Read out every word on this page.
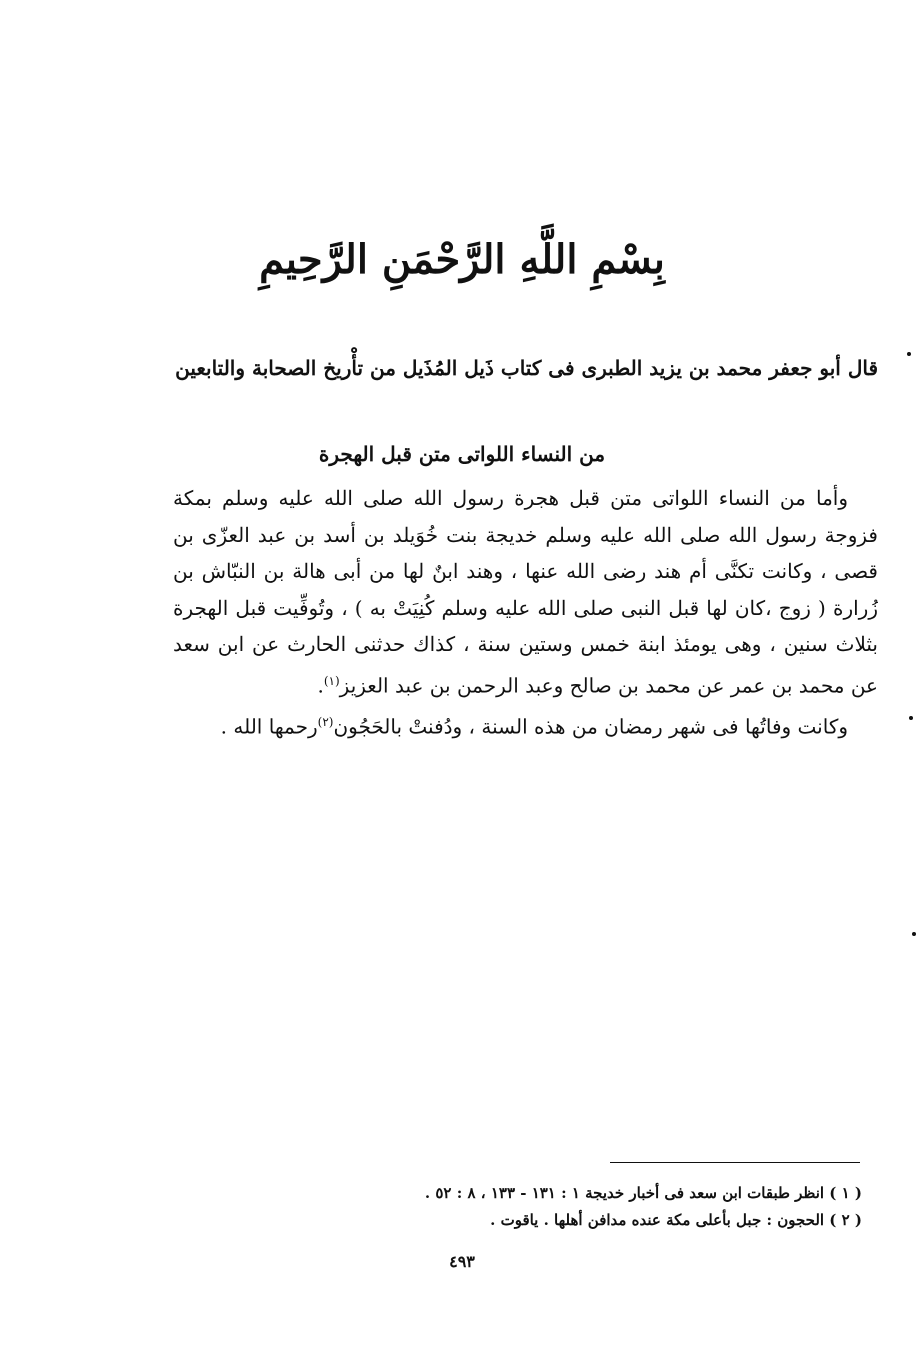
بِسْمِ اللَّهِ الرَّحْمَنِ الرَّحِيمِ
قال أبو جعفر محمد بن يزيد الطبرى فى كتاب ذَيل المُذَيل من تأْريخ الصحابة والتابعين
من النساء اللواتى متن قبل الهجرة

وأما من النساء اللواتى متن قبل هجرة رسول الله صلى الله عليه وسلم بمكة فزوجة رسول الله صلى الله عليه وسلم خديجة بنت خُوَيلد بن أسد بن عبد العزّى بن قصى ، وكانت تكنَّى أم هند رضى الله عنها ، وهند ابنٌ لها من أبى هالة بن النبّاش بن زُرارة ( زوج ،كان لها قبل النبى صلى الله عليه وسلم كُنِيَتْ به ) ، وتُوفِّيت قبل الهجرة بثلاث سنين ، وهى يومئذ ابنة خمس وستين سنة ، كذاك حدثنى الحارث عن ابن سعد عن محمد بن عمر عن محمد بن صالح وعبد الرحمن بن عبد العزيز$^{(١)}$.

وكانت وفاتُها فى شهر رمضان من هذه السنة ، ودُفنتْ بالحَجُون$^{(٢)}$رحمها الله .

( ١ ) انظر طبقات ابن سعد فى أخبار خديجة ١ : ١٣١ - ١٣٣ ، ٨ : ٥٢ .
( ٢ ) الحجون : جبل بأعلى مكة عنده مدافن أهلها . ياقوت .
٤٩٣
